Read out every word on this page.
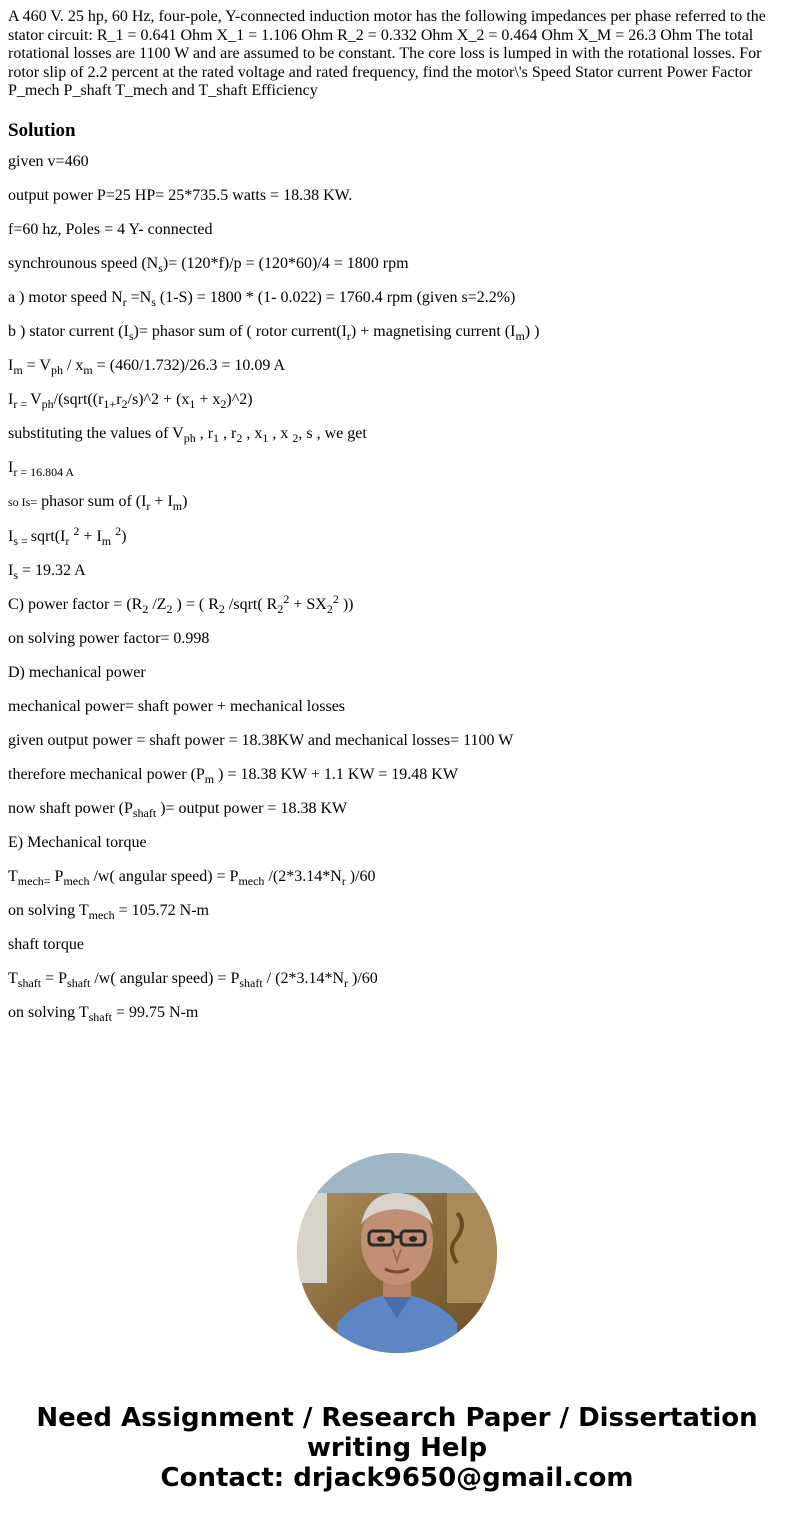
A 460 V. 25 hp, 60 Hz, four-pole, Y-connected induction motor has the following impedances per phase referred to the stator circuit: R_1 = 0.641 Ohm X_1 = 1.106 Ohm R_2 = 0.332 Ohm X_2 = 0.464 Ohm X_M = 26.3 Ohm The total rotational losses are 1100 W and are assumed to be constant. The core loss is lumped in with the rotational losses. For rotor slip of 2.2 percent at the rated voltage and rated frequency, find the motor\'s Speed Stator current Power Factor P_mech P_shaft T_mech and T_shaft Efficiency

Solution

given v=460

output power P=25 HP= 25*735.5 watts = 18.38 KW.

f=60 hz, Poles = 4 Y- connected

synchrounous speed $(N_s)= (120*f)/p = (120*60)/4 = 1800$ rpm

a ) motor speed $N_r =N_s$ (1-S) = 1800 * (1- 0.022) = 1760.4 rpm (given s=2.2%)

b ) stator current $(I_s)=$ phasor sum of ( rotor $current(I_r)$ + magnetising current $(I_m)$ )

$I_m = V_{ph} / x_m = (460/1.732)/26.3 = 10.09$ A

$I_{r =}$ $V_{ph}/(sqrt((r_{1+}r_2/s)\^{}2 + (x_1$ + $x_2)\^{}2$)

substituting the values of $V_{ph}$ , $r_1$ , $r_2$ , $x_1$ , x $_2$, s , we get

$I_{r = 16.804 A}$

so Is= phasor sum of $(I_r + I_m)$

$I_{s =}$ $sqrt(I_r$ $^2 + I_m$ $^2$)

$I_s = 19.32$ A

C) power factor = ($R_2$ $/Z_2$ ) = ( $R_2$ /sqrt( $R_2^2 + SX_2^2$ ))

on solving power factor= 0.998

D) mechanical power

mechanical power= shaft power + mechanical losses

given output power = shaft power = 18.38KW and mechanical losses= 1100 W

therefore mechanical power ($P_m$ ) = 18.38 KW + 1.1 KW = 19.48 KW

now shaft power ($P_{shaft}$ )= output power = 18.38 KW

E) Mechanical torque

$T_{mech=}$ $P_{mech}$ /w( angular speed) = $P_{mech}$ $/(2*3.14*N_r$ )/60

on solving $T_{mech} = 105.72$ N-m

shaft torque

$T_{shaft} = P_{shaft}$ /w( angular speed) = $P_{shaft} / (2*3.14*N_r$ )/60

on solving $T_{shaft} = 99.75$ N-m

Need Assignment / Research Paper / Dissertation
writing Help
Contact: drjack9650@gmail.com
